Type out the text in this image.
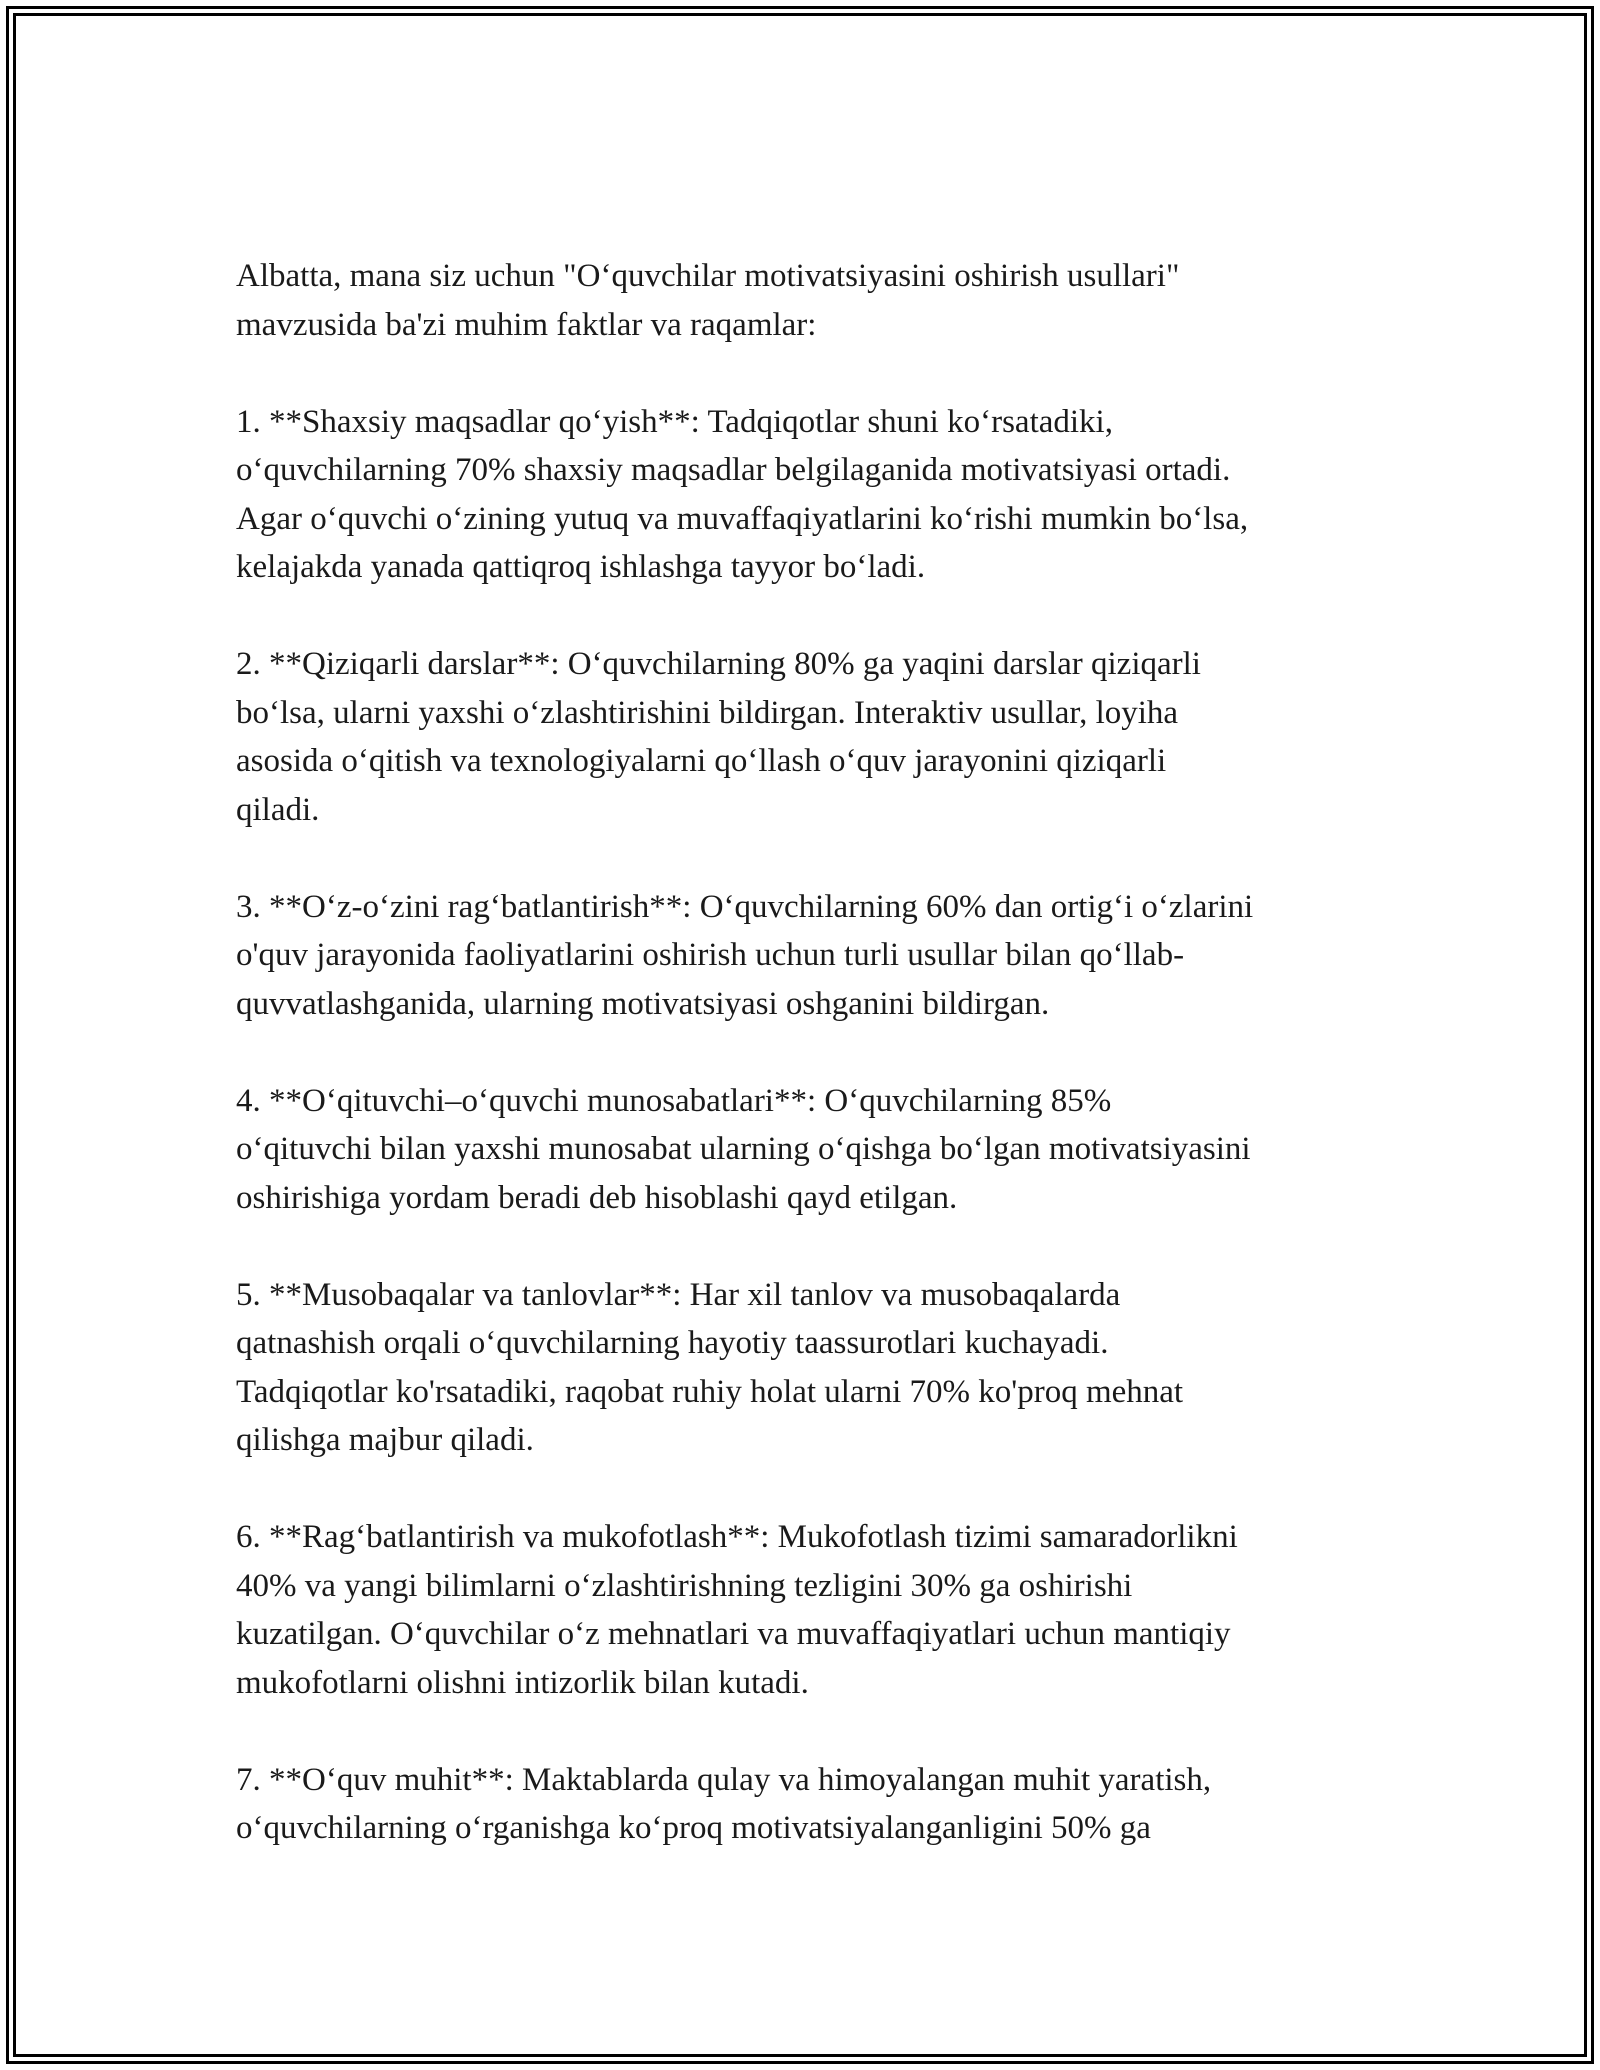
Albatta, mana siz uchun "O‘quvchilar motivatsiyasini oshirish usullari"
mavzusida ba'zi muhim faktlar va raqamlar:

1. **Shaxsiy maqsadlar qo‘yish**: Tadqiqotlar shuni ko‘rsatadiki,
o‘quvchilarning 70% shaxsiy maqsadlar belgilaganida motivatsiyasi ortadi.
Agar o‘quvchi o‘zining yutuq va muvaffaqiyatlarini ko‘rishi mumkin bo‘lsa,
kelajakda yanada qattiqroq ishlashga tayyor bo‘ladi.

2. **Qiziqarli darslar**: O‘quvchilarning 80% ga yaqini darslar qiziqarli
bo‘lsa, ularni yaxshi o‘zlashtirishini bildirgan. Interaktiv usullar, loyiha
asosida o‘qitish va texnologiyalarni qo‘llash o‘quv jarayonini qiziqarli
qiladi.

3. **O‘z-o‘zini rag‘batlantirish**: O‘quvchilarning 60% dan ortig‘i o‘zlarini
o'quv jarayonida faoliyatlarini oshirish uchun turli usullar bilan qo‘llab-
quvvatlashganida, ularning motivatsiyasi oshganini bildirgan.

4. **O‘qituvchi–o‘quvchi munosabatlari**: O‘quvchilarning 85%
o‘qituvchi bilan yaxshi munosabat ularning o‘qishga bo‘lgan motivatsiyasini
oshirishiga yordam beradi deb hisoblashi qayd etilgan.

5. **Musobaqalar va tanlovlar**: Har xil tanlov va musobaqalarda
qatnashish orqali o‘quvchilarning hayotiy taassurotlari kuchayadi.
Tadqiqotlar ko'rsatadiki, raqobat ruhiy holat ularni 70% ko'proq mehnat
qilishga majbur qiladi.

6. **Rag‘batlantirish va mukofotlash**: Mukofotlash tizimi samaradorlikni
40% va yangi bilimlarni o‘zlashtirishning tezligini 30% ga oshirishi
kuzatilgan. O‘quvchilar o‘z mehnatlari va muvaffaqiyatlari uchun mantiqiy
mukofotlarni olishni intizorlik bilan kutadi.

7. **O‘quv muhit**: Maktablarda qulay va himoyalangan muhit yaratish,
o‘quvchilarning o‘rganishga ko‘proq motivatsiyalanganligini 50% ga
